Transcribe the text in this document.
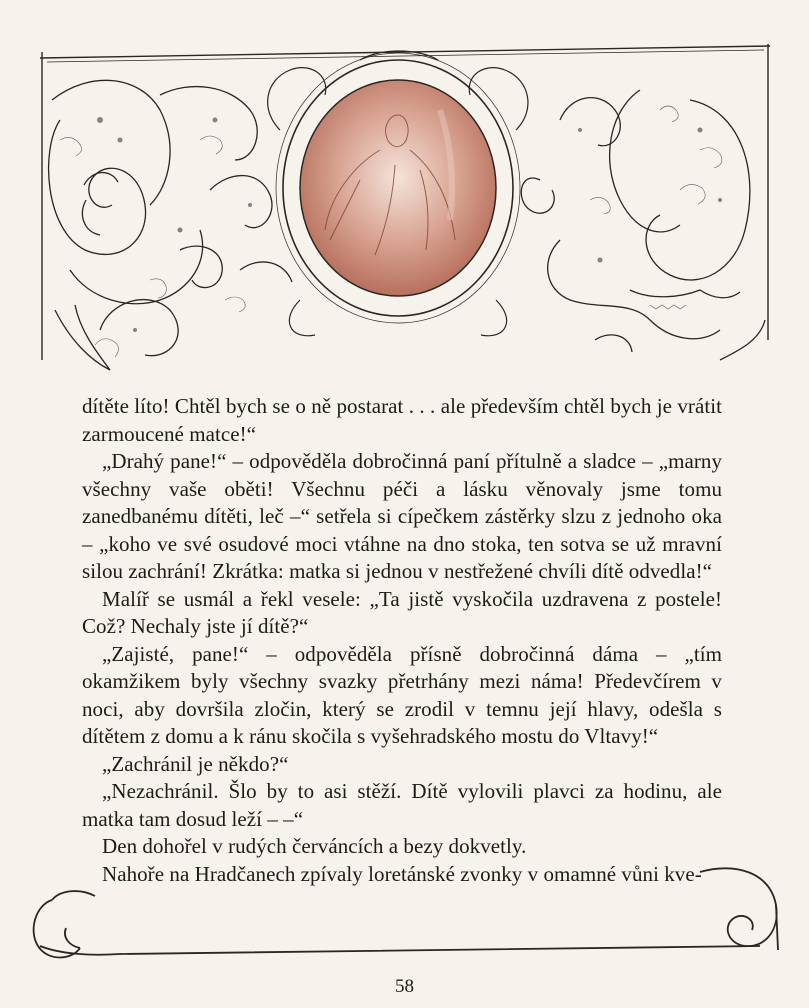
dítěte líto! Chtěl bych se o ně postarat . . . ale především chtěl bych je vrátit zarmoucené matce!“

„Drahý pane!“ – odpověděla dobročinná paní přítulně a sladce – „marny všechny vaše oběti! Všechnu péči a lásku věnovaly jsme tomu zanedbanému dítěti, leč –“ setřela si cípečkem zástěrky slzu z jednoho oka – „koho ve své osudové moci vtáhne na dno stoka, ten sotva se už mravní silou zachrání! Zkrátka: matka si jednou v nestřežené chvíli dítě odvedla!“

Malíř se usmál a řekl vesele: „Ta jistě vyskočila uzdravena z postele! Což? Nechaly jste jí dítě?“

„Zajisté, pane!“ – odpověděla přísně dobročinná dáma – „tím okamžikem byly všechny svazky přetrhány mezi náma! Předevčírem v noci, aby dovršila zločin, který se zrodil v temnu její hlavy, odešla s dítětem z domu a k ránu skočila s vyšehradského mostu do Vltavy!“

„Zachránil je někdo?“

„Nezachránil. Šlo by to asi stěží. Dítě vylovili plavci za hodinu, ale matka tam dosud leží – –“

Den dohořel v rudých červáncích a bezy dokvetly.

Nahoře na Hradčanech zpívaly loretánské zvonky v omamné vůni kve-

58
